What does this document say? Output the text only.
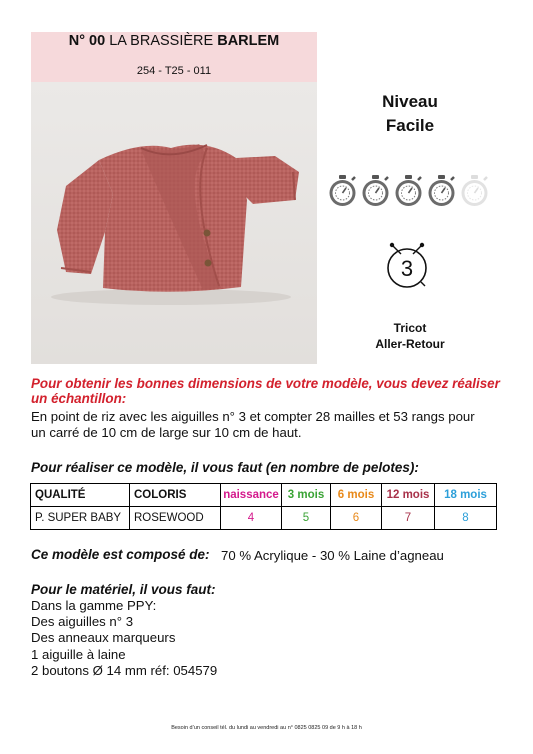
N° 00 LA BRASSIÈRE BARLEM
254 - T25 - 011
Niveau
Facile
3
Tricot
Aller-Retour
Pour obtenir les bonnes dimensions de votre modèle, vous devez réaliser un échantillon:
En point de riz avec les aiguilles n° 3 et compter 28 mailles et 53 rangs pour
un carré de 10 cm de large sur 10 cm de haut.
Pour réaliser ce modèle, il vous faut (en nombre de pelotes):
QUALITÉ	COLORIS	naissance	3 mois	6 mois	12 mois	18 mois
P. SUPER BABY	ROSEWOOD	4	5	6	7	8
Ce modèle est composé de: 70 % Acrylique - 30 % Laine d’agneau
Pour le matériel, il vous faut:
Dans la gamme PPY:
Des aiguilles n° 3
Des anneaux marqueurs
1 aiguille à laine
2 boutons Ø 14 mm réf: 054579
Besoin d’un conseil tél. du lundi au vendredi au n° 0825 0825 09 de 9 h à 18 h
